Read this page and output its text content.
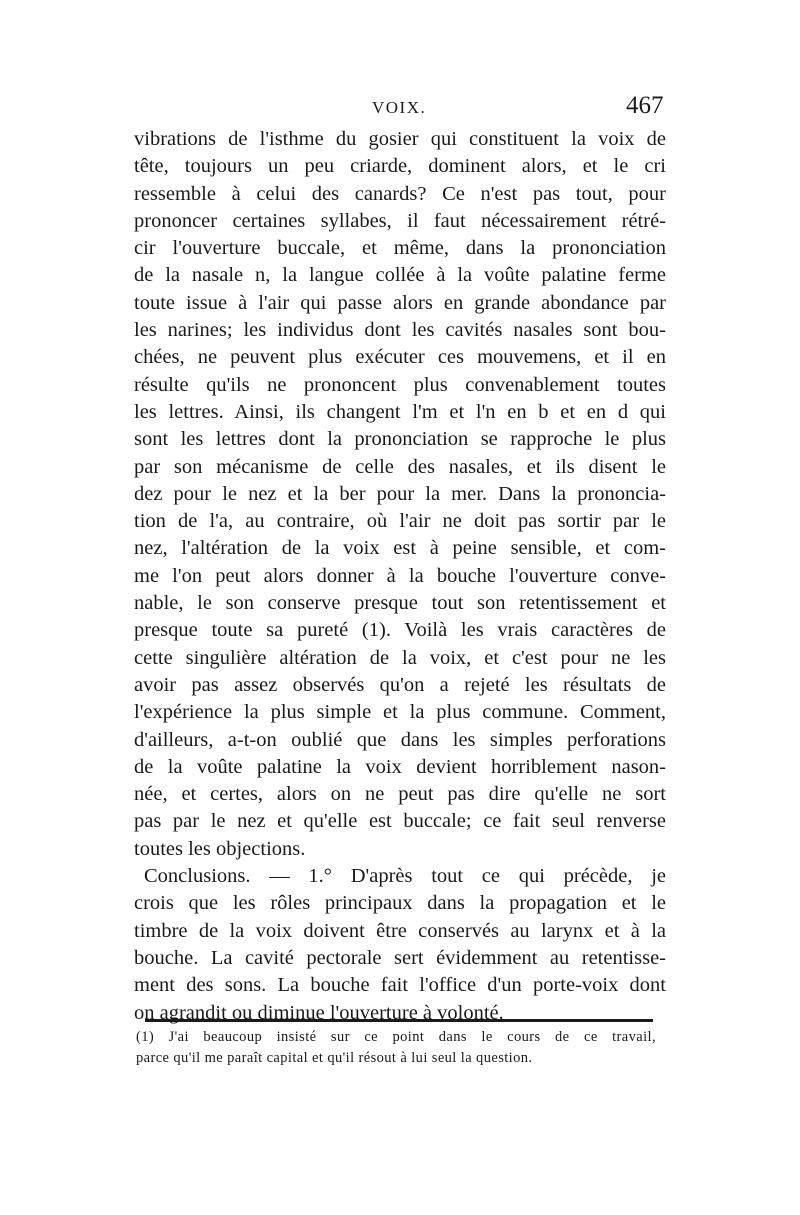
VOIX.	467
vibrations de l'isthme du gosier qui constituent la voix de
tête, toujours un peu criarde, dominent alors, et le cri
ressemble à celui des canards? Ce n'est pas tout, pour
prononcer certaines syllabes, il faut nécessairement rétré-
cir l'ouverture buccale, et même, dans la prononciation
de la nasale n, la langue collée à la voûte palatine ferme
toute issue à l'air qui passe alors en grande abondance par
les narines; les individus dont les cavités nasales sont bou-
chées, ne peuvent plus exécuter ces mouvemens, et il en
résulte qu'ils ne prononcent plus convenablement toutes
les lettres. Ainsi, ils changent l'm et l'n en b et en d qui
sont les lettres dont la prononciation se rapproche le plus
par son mécanisme de celle des nasales, et ils disent le
dez pour le nez et la ber pour la mer. Dans la prononcia-
tion de l'a, au contraire, où l'air ne doit pas sortir par le
nez, l'altération de la voix est à peine sensible, et com-
me l'on peut alors donner à la bouche l'ouverture conve-
nable, le son conserve presque tout son retentissement et
presque toute sa pureté (1). Voilà les vrais caractères de
cette singulière altération de la voix, et c'est pour ne les
avoir pas assez observés qu'on a rejeté les résultats de
l'expérience la plus simple et la plus commune. Comment,
d'ailleurs, a-t-on oublié que dans les simples perforations
de la voûte palatine la voix devient horriblement nason-
née, et certes, alors on ne peut pas dire qu'elle ne sort
pas par le nez et qu'elle est buccale; ce fait seul renverse
toutes les objections.
Conclusions. — 1.° D'après tout ce qui précède, je
crois que les rôles principaux dans la propagation et le
timbre de la voix doivent être conservés au larynx et à la
bouche. La cavité pectorale sert évidemment au retentisse-
ment des sons. La bouche fait l'office d'un porte-voix dont
on agrandit ou diminue l'ouverture à volonté.
(1) J'ai beaucoup insisté sur ce point dans le cours de ce travail,
parce qu'il me paraît capital et qu'il résout à lui seul la question.
